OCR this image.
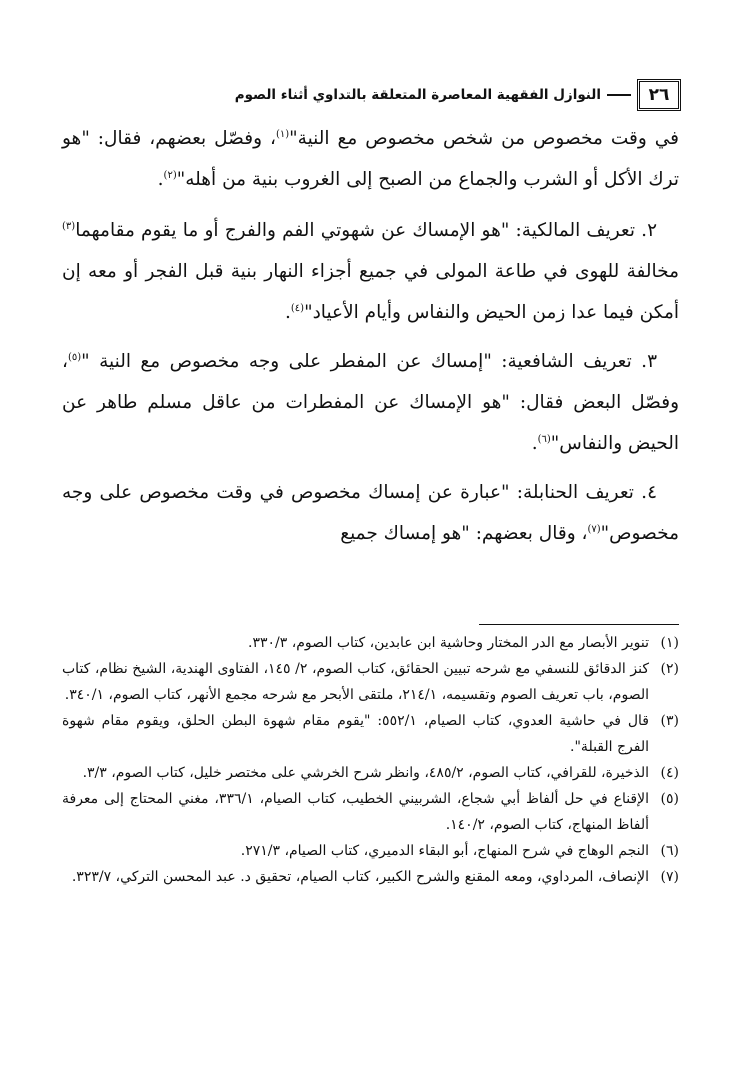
٢٦
النوازل الفقهية المعاصرة المتعلقة بالتداوي أثناء الصوم

في وقت مخصوص من شخص مخصوص مع النية"$^{(١)}$، وفصّل بعضهم، فقال: "هو ترك الأكل أو الشرب والجماع من الصبح إلى الغروب بنية من أهله"$^{(٢)}$.

٢. تعريف المالكية: "هو الإمساك عن شهوتي الفم والفرج أو ما يقوم مقامهما$^{(٣)}$ مخالفة للهوى في طاعة المولى في جميع أجزاء النهار بنية قبل الفجر أو معه إن أمكن فيما عدا زمن الحيض والنفاس وأيام الأعياد"$^{(٤)}$.

٣. تعريف الشافعية: "إمساك عن المفطر على وجه مخصوص مع النية "$^{(٥)}$، وفصّل البعض فقال: "هو الإمساك عن المفطرات من عاقل مسلم طاهر عن الحيض والنفاس"$^{(٦)}$.

٤. تعريف الحنابلة: "عبارة عن إمساك مخصوص في وقت مخصوص على وجه مخصوص"$^{(٧)}$، وقال بعضهم: "هو إمساك جميع

(١)
تنوير الأبصار مع الدر المختار وحاشية ابن عابدين، كتاب الصوم، ٣٣٠/٣.

(٢)
كنز الدقائق للنسفي مع شرحه تبيين الحقائق، كتاب الصوم، ٢/ ١٤٥، الفتاوى الهندية، الشيخ نظام، كتاب الصوم، باب تعريف الصوم وتقسيمه، ٢١٤/١، ملتقى الأبحر مع شرحه مجمع الأنهر، كتاب الصوم، ٣٤٠/١.

(٣)
قال في حاشية العدوي، كتاب الصيام، ٥٥٢/١: "يقوم مقام شهوة البطن الحلق، ويقوم مقام شهوة الفرج القبلة".

(٤)
الذخيرة، للقرافي، كتاب الصوم، ٤٨٥/٢، وانظر شرح الخرشي على مختصر خليل، كتاب الصوم، ٣/٣.

(٥)
الإقناع في حل ألفاظ أبي شجاع، الشربيني الخطيب، كتاب الصيام، ٣٣٦/١، مغني المحتاج إلى معرفة ألفاظ المنهاج، كتاب الصوم، ١٤٠/٢.

(٦)
النجم الوهاج في شرح المنهاج، أبو البقاء الدميري، كتاب الصيام، ٢٧١/٣.

(٧)
الإنصاف، المرداوي، ومعه المقنع والشرح الكبير، كتاب الصيام، تحقيق د. عبد المحسن التركي، ٣٢٣/٧.
